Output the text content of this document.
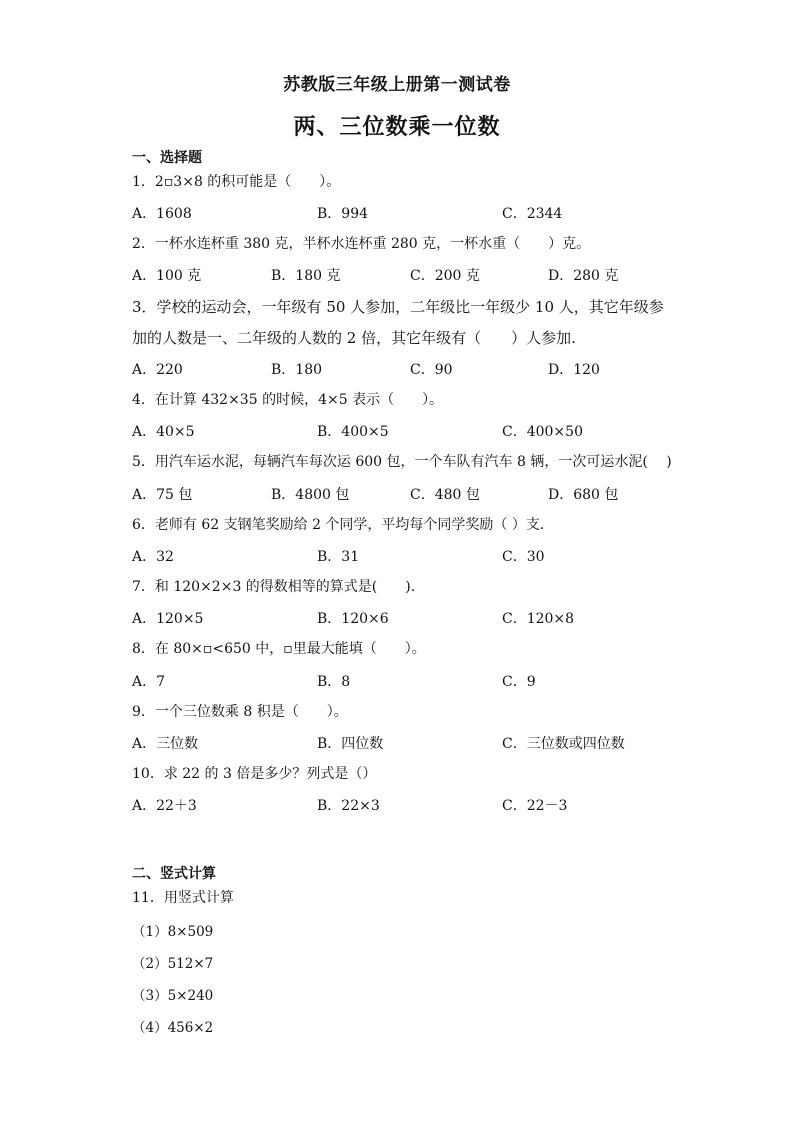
苏教版三年级上册第一测试卷
两、三位数乘一位数
一、选择题
1．2▫3×8 的积可能是（　　）。
A．1608	B．994	C．2344
2．一杯水连杯重 380 克，半杯水连杯重 280 克，一杯水重（　　）克。
A．100 克	B．180 克	C．200 克	D．280 克
3．学校的运动会，一年级有 50 人参加，二年级比一年级少 10 人，其它年级参加的人数是一、二年级的人数的 2 倍，其它年级有（　　）人参加.
A．220	B．180	C．90	D．120
4．在计算 432×35 的时候，4×5 表示（　　）。
A．40×5	B．400×5	C．400×50
5．用汽车运水泥，每辆汽车每次运 600 包，一个车队有汽车 8 辆，一次可运水泥(　 )
A．75 包	B．4800 包	C．480 包	D．680 包
6．老师有 62 支钢笔奖励给 2 个同学，平均每个同学奖励（ ）支．
A．32	B．31	C．30
7．和 120×2×3 的得数相等的算式是(　　).
A．120×5	B．120×6	C．120×8
8．在 80×▫<650 中，▫里最大能填（　　）。
A．7	B．8	C．9
9．一个三位数乘 8 积是（　　）。
A．三位数	B．四位数	C．三位数或四位数
10．求 22 的 3 倍是多少？列式是（）
A．22＋3	B．22×3	C．22－3
二、竖式计算
11．用竖式计算
（1）8×509
（2）512×7
（3）5×240
（4）456×2
